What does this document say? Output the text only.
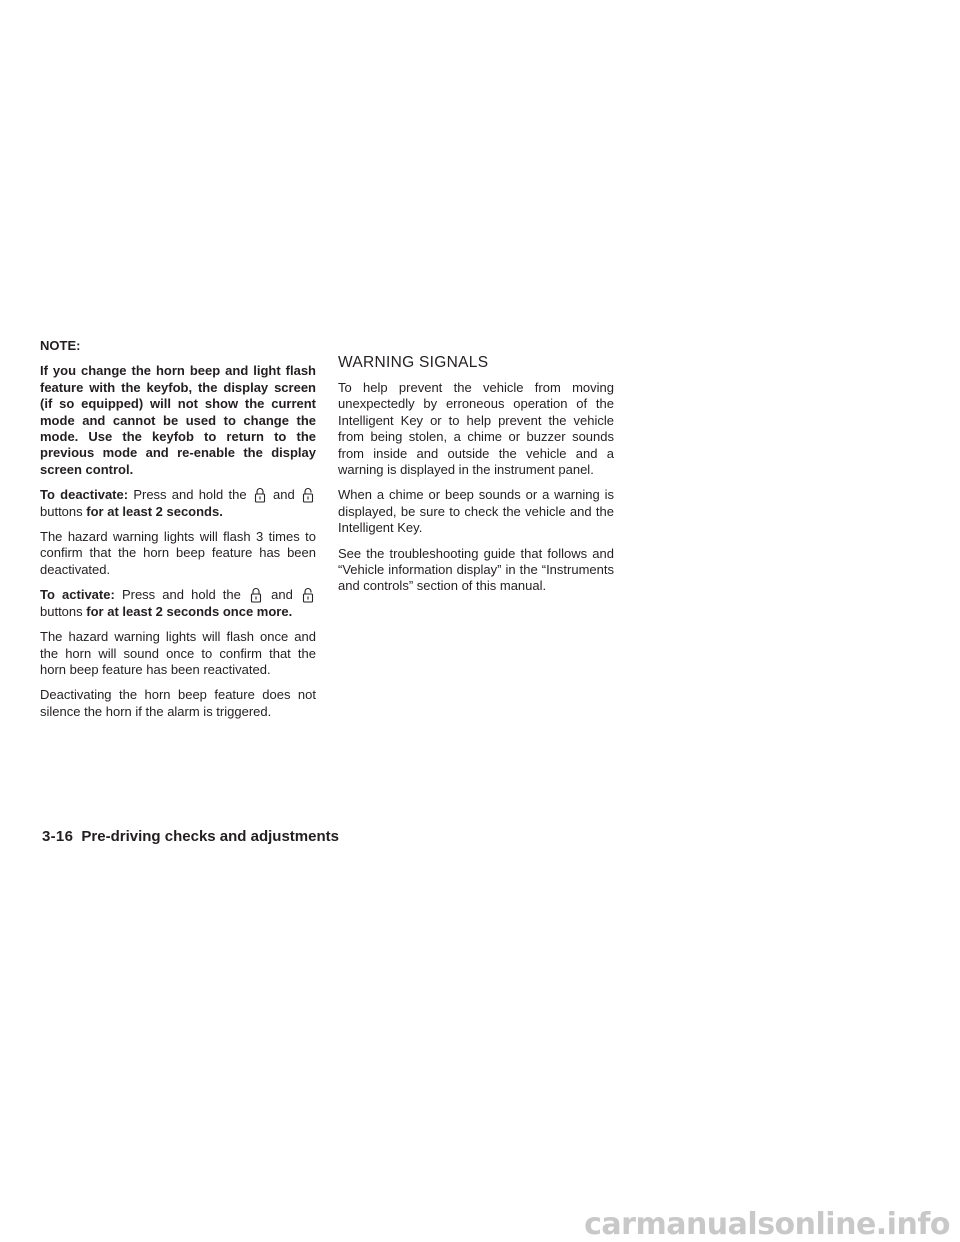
NOTE:

If you change the horn beep and light flash feature with the keyfob, the display screen (if so equipped) will not show the current mode and cannot be used to change the mode. Use the keyfob to return to the previous mode and re-enable the display screen control.

To deactivate: Press and hold the and
buttons for at least 2 seconds.

The hazard warning lights will flash 3 times to confirm that the horn beep feature has been deactivated.

To activate: Press and hold the and
buttons for at least 2 seconds once more.

The hazard warning lights will flash once and the horn will sound once to confirm that the horn beep feature has been reactivated.

Deactivating the horn beep feature does not silence the horn if the alarm is triggered.

WARNING SIGNALS

To help prevent the vehicle from moving unexpectedly by erroneous operation of the Intelligent Key or to help prevent the vehicle from being stolen, a chime or buzzer sounds from inside and outside the vehicle and a warning is displayed in the instrument panel.

When a chime or beep sounds or a warning is displayed, be sure to check the vehicle and the Intelligent Key.

See the troubleshooting guide that follows and “Vehicle information display” in the “Instruments and controls” section of this manual.

3-16 Pre-driving checks and adjustments
carmanualsonline.info
